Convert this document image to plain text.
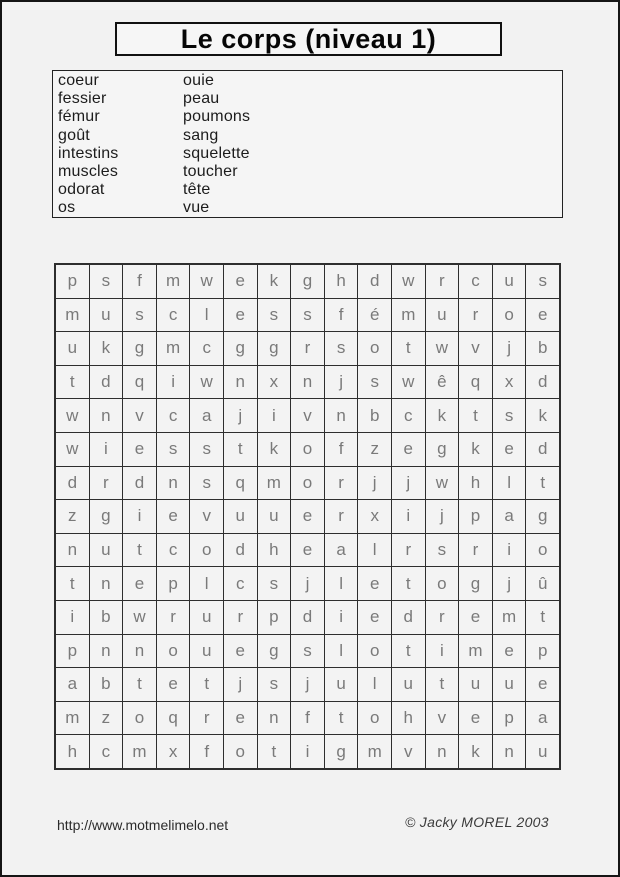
Le corps (niveau 1)
coeur
fessier
fémur
goût
intestins
muscles
odorat
os
ouie
peau
poumons
sang
squelette
toucher
tête
vue
p	s	f	m	w	e	k	g	h	d	w	r	c	u	s
m	u	s	c	l	e	s	s	f	é	m	u	r	o	e
u	k	g	m	c	g	g	r	s	o	t	w	v	j	b
t	d	q	i	w	n	x	n	j	s	w	ê	q	x	d
w	n	v	c	a	j	i	v	n	b	c	k	t	s	k
w	i	e	s	s	t	k	o	f	z	e	g	k	e	d
d	r	d	n	s	q	m	o	r	j	j	w	h	l	t
z	g	i	e	v	u	u	e	r	x	i	j	p	a	g
n	u	t	c	o	d	h	e	a	l	r	s	r	i	o
t	n	e	p	l	c	s	j	l	e	t	o	g	j	û
i	b	w	r	u	r	p	d	i	e	d	r	e	m	t
p	n	n	o	u	e	g	s	l	o	t	i	m	e	p
a	b	t	e	t	j	s	j	u	l	u	t	u	u	e
m	z	o	q	r	e	n	f	t	o	h	v	e	p	a
h	c	m	x	f	o	t	i	g	m	v	n	k	n	u
http://www.motmelimelo.net	© Jacky MOREL 2003
